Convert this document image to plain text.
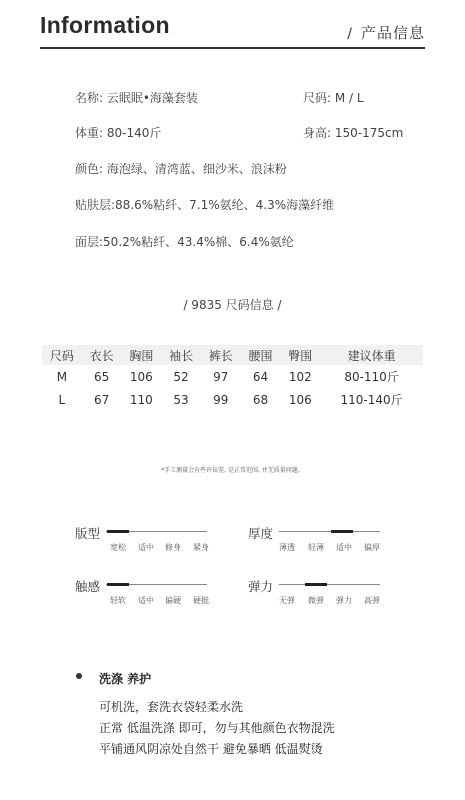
Information	/ 产品信息
名称: 云眠眠•海藻套装	尺码: M / L
体重: 80-140斤	身高: 150-175cm
颜色: 海泡绿、清湾蓝、细沙米、浪沫粉
贴肤层:88.6%粘纤、7.1%氨纶、4.3%海藻纤维
面层:50.2%粘纤、43.4%棉、6.4%氨纶
/ 9835 尺码信息 /
尺码	衣长	胸围	袖长	裤长	腰围	臀围	建议体重
M	65	106	52	97	64	102	80-110斤
L	67	110	53	99	68	106	110-140斤
*手工测量会有些许误差, 是正常范围, 并无质量问题。
版型
宽松	适中	修身	紧身
厚度
薄透	轻薄	适中	偏厚
触感
轻软	适中	偏硬	硬挺
弹力
无弹	微弹	弹力	高弹
洗涤 养护
可机洗，套洗衣袋轻柔水洗
正常 低温洗涤 即可，勿与其他颜色衣物混洗
平铺通风阴凉处自然干 避免暴晒 低温熨烫
